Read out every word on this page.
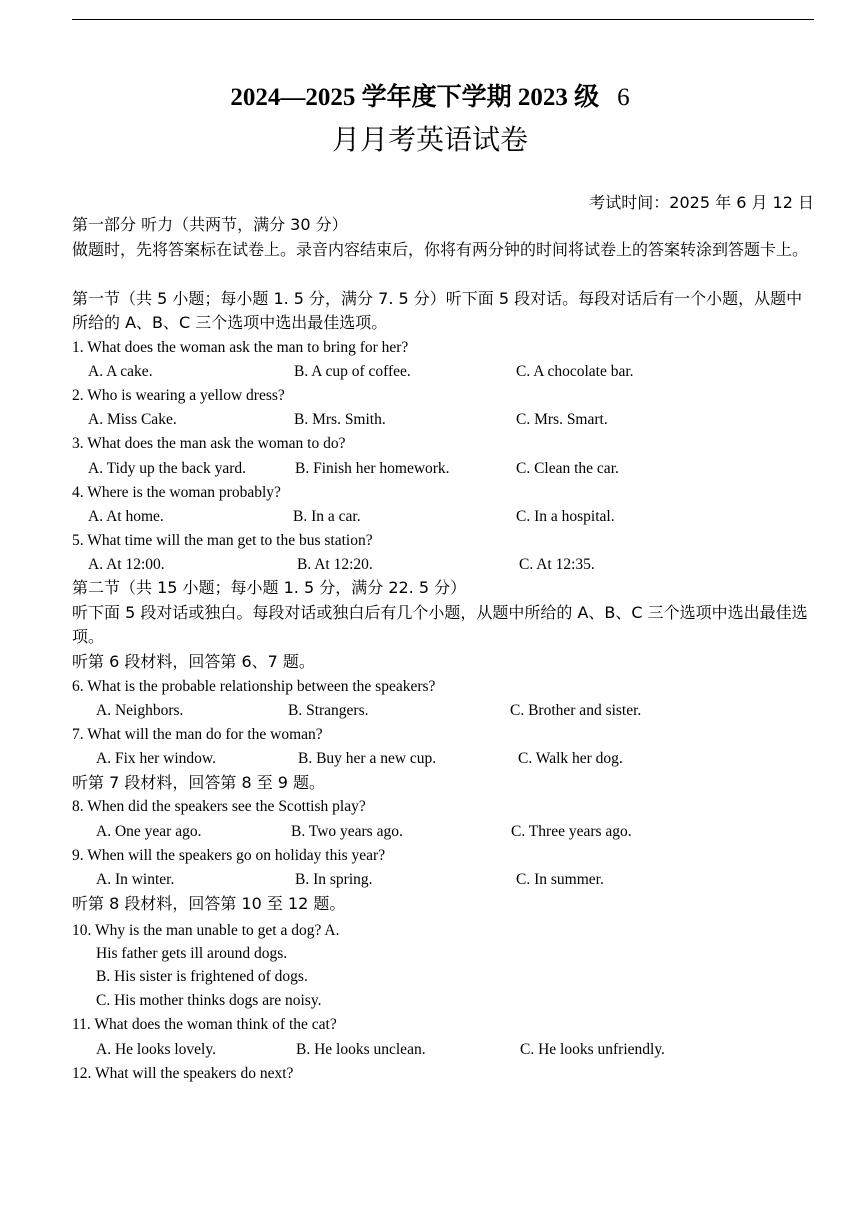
2024—2025 学年度下学期 2023 级 6
月月考英语试卷
考试时间：2025 年 6 月 12 日
第一部分 听力（共两节，满分 30 分）
做题时，先将答案标在试卷上。录音内容结束后，你将有两分钟的时间将试卷上的答案转涂到答题卡上。
第一节（共 5 小题；每小题 1. 5 分，满分 7. 5 分）听下面 5 段对话。每段对话后有一个小题，从题中所给的 A、B、C 三个选项中选出最佳选项。
1. What does the woman ask the man to bring for her?
A. A cake.	B. A cup of coffee.	C. A chocolate bar.
2. Who is wearing a yellow dress?
A. Miss Cake.	B. Mrs. Smith.	C. Mrs. Smart.
3. What does the man ask the woman to do?
A. Tidy up the back yard.	B. Finish her homework.	C. Clean the car.
4. Where is the woman probably?
A. At home.	B. In a car.	C. In a hospital.
5. What time will the man get to the bus station?
A. At 12:00.	B. At 12:20.	C. At 12:35.
第二节（共 15 小题；每小题 1. 5 分，满分 22. 5 分）
听下面 5 段对话或独白。每段对话或独白后有几个小题，从题中所给的 A、B、C 三个选项中选出最佳选项。
听第 6 段材料，回答第 6、7 题。
6. What is the probable relationship between the speakers?
A. Neighbors.	B. Strangers.	C. Brother and sister.
7. What will the man do for the woman?
A. Fix her window.	B. Buy her a new cup.	C. Walk her dog.
听第 7 段材料，回答第 8 至 9 题。
8. When did the speakers see the Scottish play?
A. One year ago.	B. Two years ago.	C. Three years ago.
9. When will the speakers go on holiday this year?
A. In winter.	B. In spring.	C. In summer.
听第 8 段材料，回答第 10 至 12 题。
10. Why is the man unable to get a dog? A.
His father gets ill around dogs.
B. His sister is frightened of dogs.
C. His mother thinks dogs are noisy.
11. What does the woman think of the cat?
A. He looks lovely.	B. He looks unclean.	C. He looks unfriendly.
12. What will the speakers do next?
